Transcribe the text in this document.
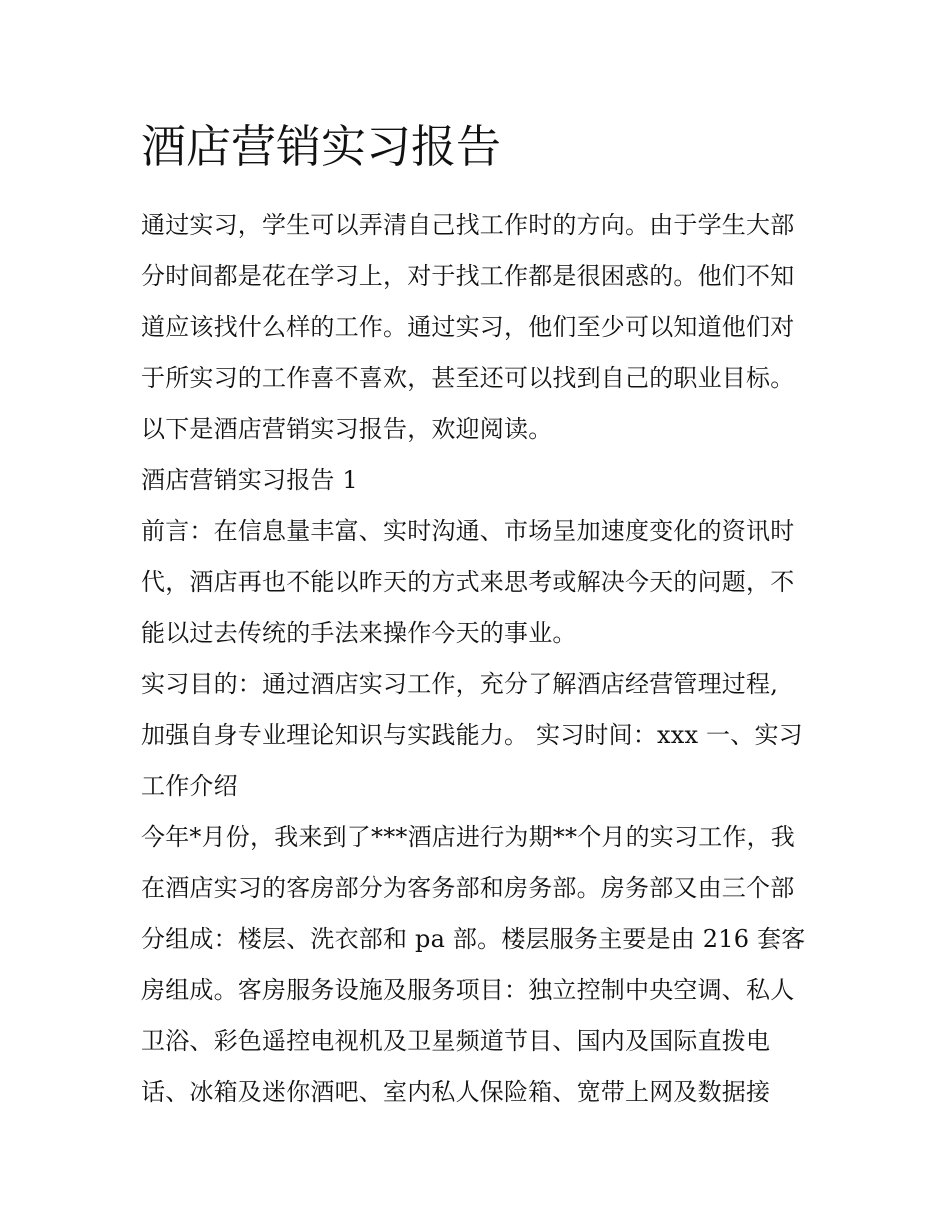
酒店营销实习报告

通过实习，学生可以弄清自己找工作时的方向。由于学生大部

分时间都是花在学习上，对于找工作都是很困惑的。他们不知

道应该找什么样的工作。通过实习，他们至少可以知道他们对

于所实习的工作喜不喜欢，甚至还可以找到自己的职业目标。

以下是酒店营销实习报告，欢迎阅读。

酒店营销实习报告 1

前言：在信息量丰富、实时沟通、市场呈加速度变化的资讯时

代，酒店再也不能以昨天的方式来思考或解决今天的问题，不

能以过去传统的手法来操作今天的事业。

实习目的：通过酒店实习工作，充分了解酒店经营管理过程,

加强自身专业理论知识与实践能力。 实习时间：xxx 一、实习

工作介绍

今年*月份，我来到了***酒店进行为期**个月的实习工作，我

在酒店实习的客房部分为客务部和房务部。房务部又由三个部

分组成：楼层、洗衣部和 pa 部。楼层服务主要是由 216 套客

房组成。客房服务设施及服务项目：独立控制中央空调、私人

卫浴、彩色遥控电视机及卫星频道节目、国内及国际直拨电

话、冰箱及迷你酒吧、室内私人保险箱、宽带上网及数据接
